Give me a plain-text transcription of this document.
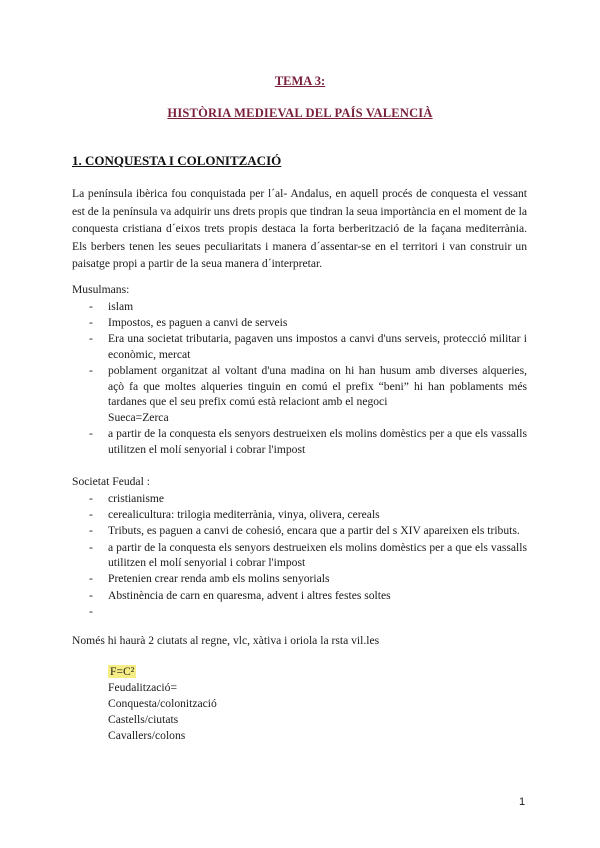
TEMA 3:
HISTÒRIA MEDIEVAL DEL PAÍS VALENCIÀ
1. CONQUESTA I COLONITZACIÓ
La península ibèrica fou conquistada per l´al- Andalus, en aquell procés de conquesta el vessant est de la península va adquirir uns drets propis que tindran la seua importància en el moment de la conquesta cristiana d´eixos trets propis destaca la forta berberització de la façana mediterrània. Els berbers tenen les seues peculiaritats i manera d´assentar-se en el territori i van construir un paisatge propi a partir de la seua manera d´interpretar.
Musulmans:
- islam
- Impostos, es paguen a canvi de serveis
- Era una societat tributaria, pagaven uns impostos a canvi d'uns serveis, protecció militar i econòmic, mercat
- poblament organitzat al voltant d'una madina on hi han husum amb diverses alqueries, açò fa que moltes alqueries tinguin en comú el prefix “beni” hi han poblaments més tardanes que el seu prefix comú està relaciont amb el negoci
Sueca=Zerca
- a partir de la conquesta els senyors destrueixen els molins domèstics per a que els vassalls utilitzen el molí senyorial i cobrar l'impost
Societat Feudal :
- cristianisme
- cerealicultura: trilogia mediterrània, vinya, olivera, cereals
- Tributs, es paguen a canvi de cohesió, encara que a partir del s XIV apareixen els tributs.
- a partir de la conquesta els senyors destrueixen els molins domèstics per a que els vassalls utilitzen el molí senyorial i cobrar l'impost
- Pretenien crear renda amb els molins senyorials
- Abstinència de carn en quaresma, advent i altres festes soltes
-
Només hi haurà 2 ciutats al regne, vlc, xàtiva i oriola la rsta vil.les
F=C²
Feudalització=
Conquesta/colonització
Castells/ciutats
Cavallers/colons
1
